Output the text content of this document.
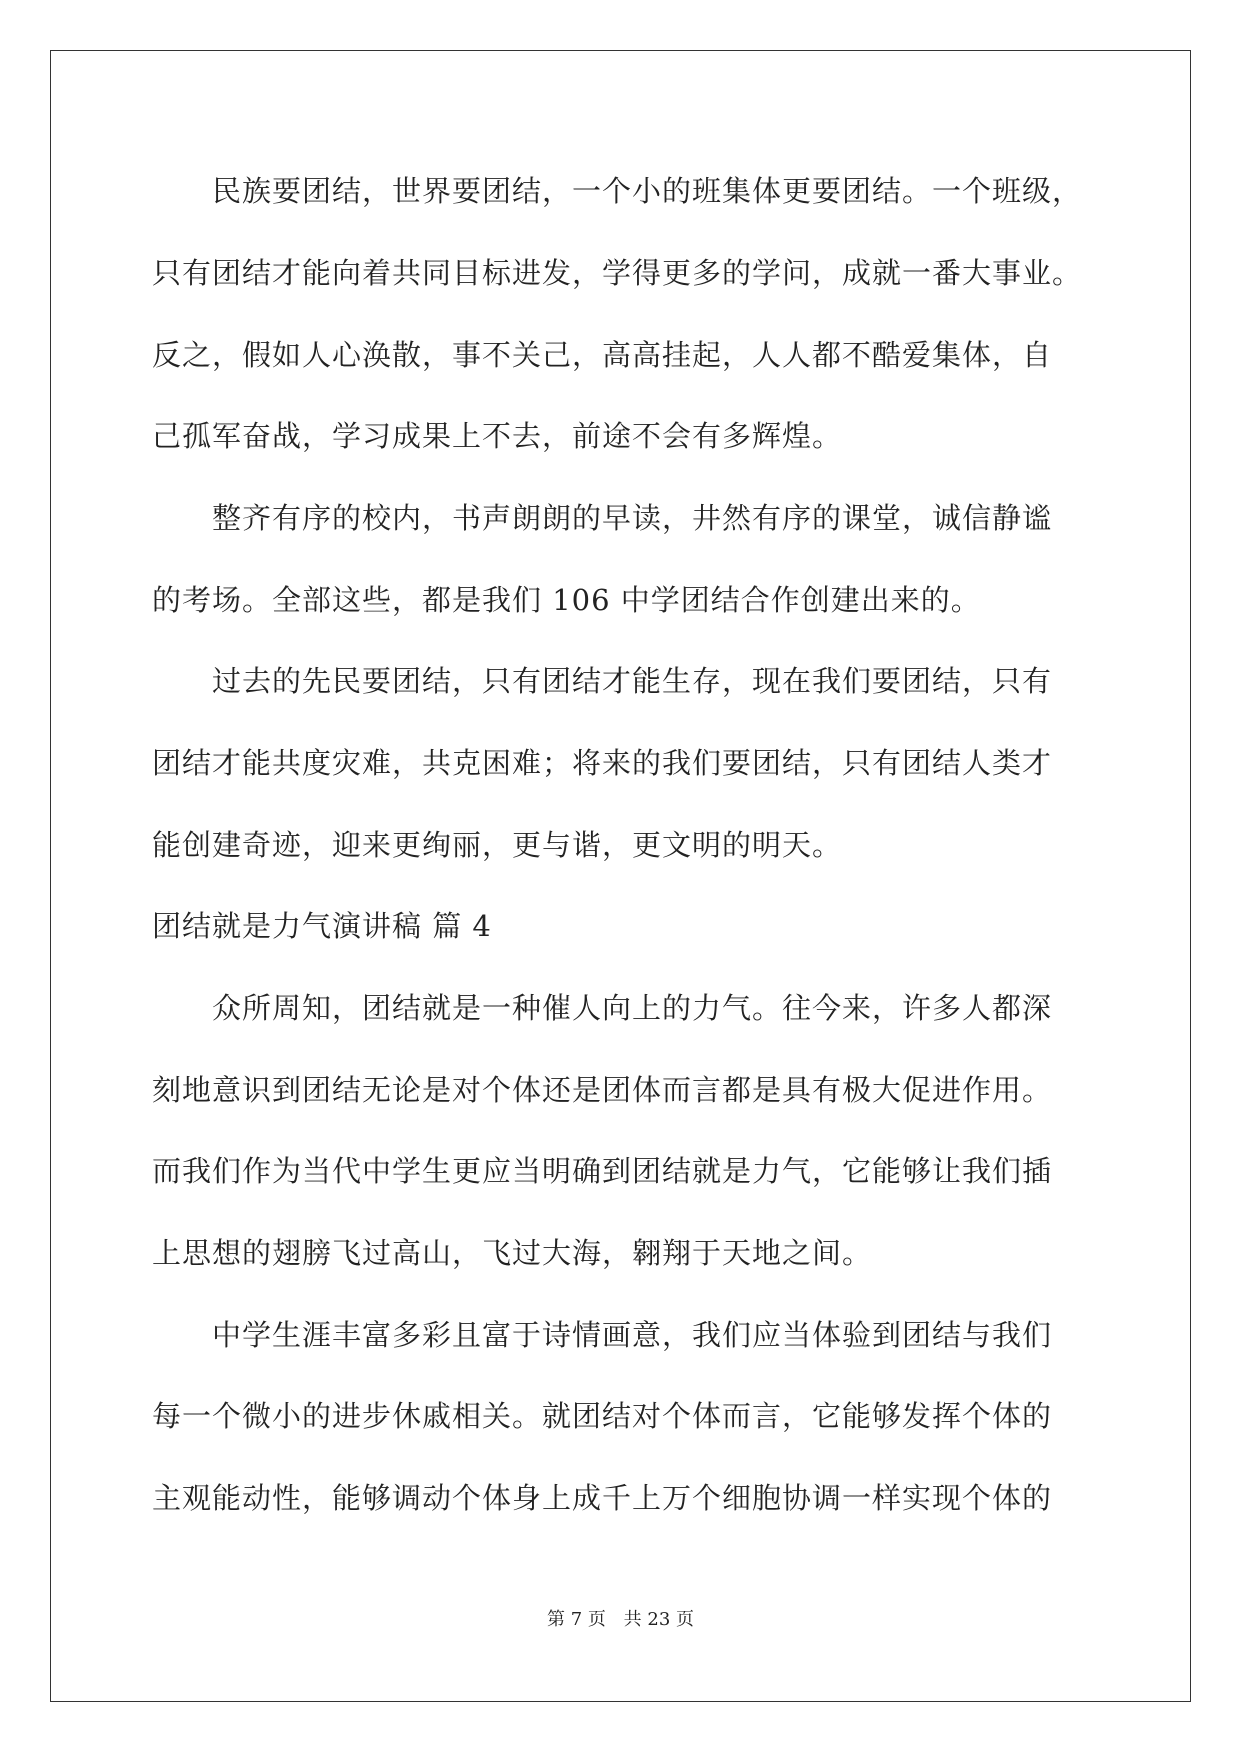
　　民族要团结，世界要团结，一个小的班集体更要团结。一个班级，
只有团结才能向着共同目标进发，学得更多的学问，成就一番大事业。
反之，假如人心涣散，事不关己，高高挂起，人人都不酷爱集体，自
己孤军奋战，学习成果上不去，前途不会有多辉煌。
　　整齐有序的校内，书声朗朗的早读，井然有序的课堂，诚信静谧
的考场。全部这些，都是我们 106 中学团结合作创建出来的。
　　过去的先民要团结，只有团结才能生存，现在我们要团结，只有
团结才能共度灾难，共克困难；将来的我们要团结，只有团结人类才
能创建奇迹，迎来更绚丽，更与谐，更文明的明天。
团结就是力气演讲稿 篇 4
　　众所周知，团结就是一种催人向上的力气。往今来，许多人都深
刻地意识到团结无论是对个体还是团体而言都是具有极大促进作用。
而我们作为当代中学生更应当明确到团结就是力气，它能够让我们插
上思想的翅膀飞过高山，飞过大海，翱翔于天地之间。
　　中学生涯丰富多彩且富于诗情画意，我们应当体验到团结与我们
每一个微小的进步休戚相关。就团结对个体而言，它能够发挥个体的
主观能动性，能够调动个体身上成千上万个细胞协调一样实现个体的
第 7 页 共 23 页
